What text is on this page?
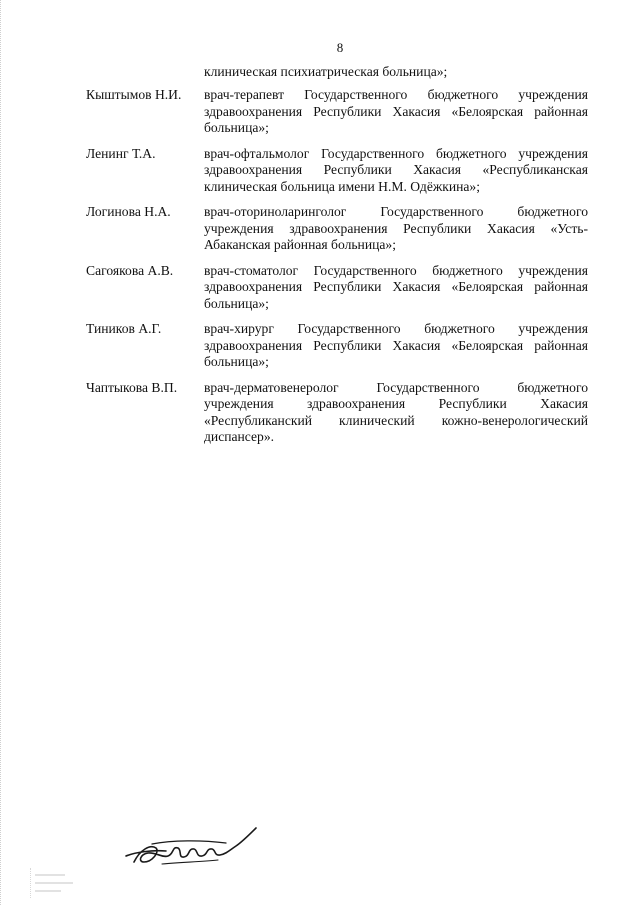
8
клиническая психиатрическая больница»;
Кыштымов Н.И.	врач-терапевт Государственного бюджетного учреждения здравоохранения Республики Хакасия «Белоярская районная больница»;
Ленинг Т.А.	врач-офтальмолог Государственного бюджетного учреждения здравоохранения Республики Хакасия «Республиканская клиническая больница имени Н.М. Одёжкина»;
Логинова Н.А.	врач-оториноларинголог Государственного бюджетного учреждения здравоохранения Республики Хакасия «Усть-Абаканская районная больница»;
Сагоякова А.В.	врач-стоматолог Государственного бюджетного учреждения здравоохранения Республики Хакасия «Белоярская районная больница»;
Тиников А.Г.	врач-хирург Государственного бюджетного учреждения здравоохранения Республики Хакасия «Белоярская районная больница»;
Чаптыкова В.П.	врач-дерматовенеролог Государственного бюджетного учреждения здравоохранения Республики Хакасия «Республиканский клинический кожно-венерологический диспансер».
